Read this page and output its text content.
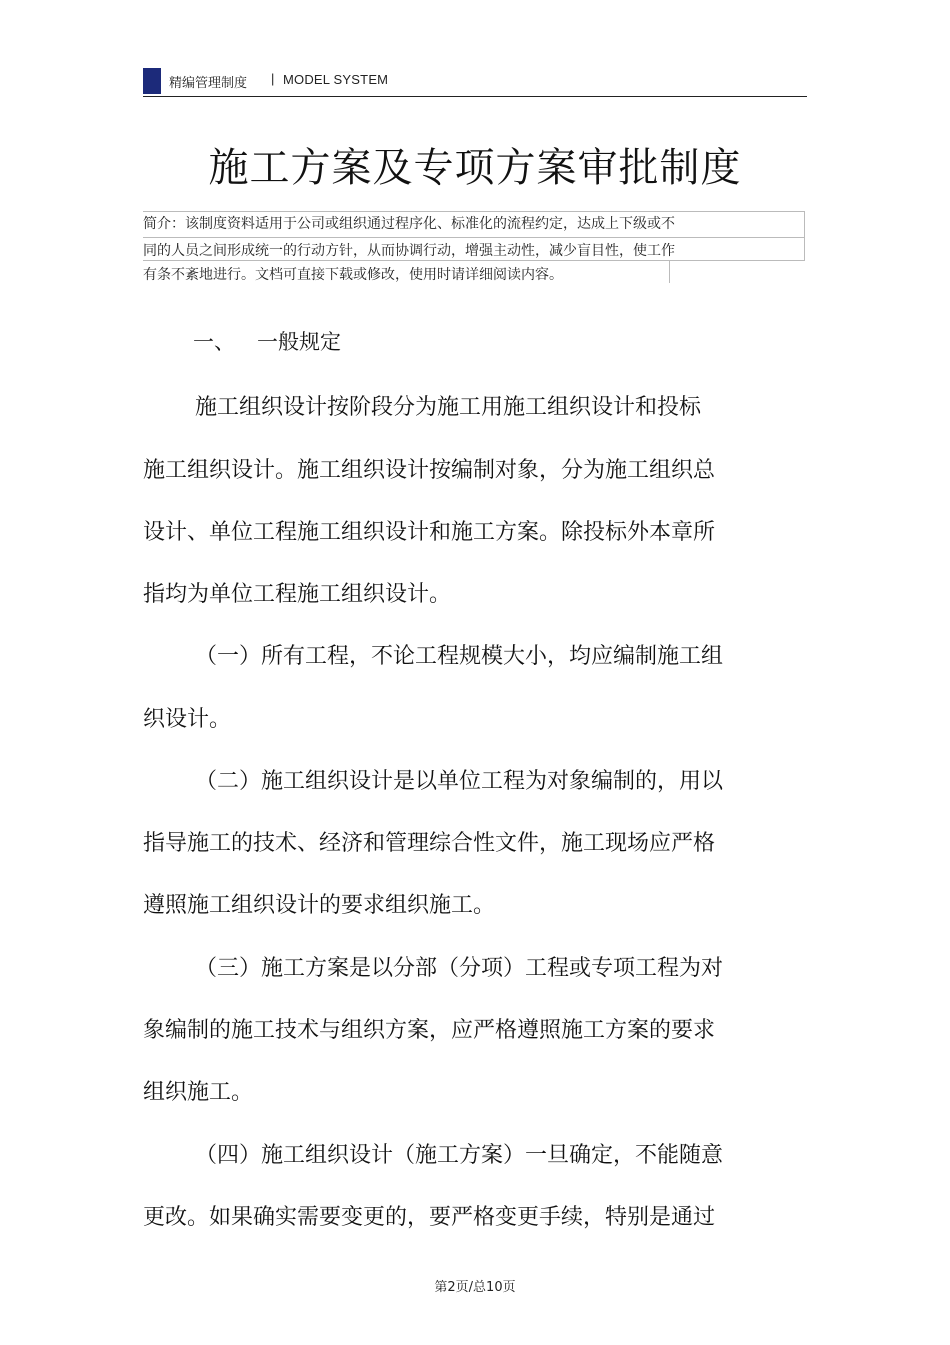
精编管理制度 | MODEL SYSTEM
施工方案及专项方案审批制度
简介：该制度资料适用于公司或组织通过程序化、标准化的流程约定，达成上下级或不
同的人员之间形成统一的行动方针，从而协调行动，增强主动性，减少盲目性，使工作
有条不紊地进行。文档可直接下载或修改，使用时请详细阅读内容。
一、 一般规定
施工组织设计按阶段分为施工用施工组织设计和投标
施工组织设计。施工组织设计按编制对象，分为施工组织总
设计、单位工程施工组织设计和施工方案。除投标外本章所
指均为单位工程施工组织设计。
（一）所有工程，不论工程规模大小，均应编制施工组
织设计。
（二）施工组织设计是以单位工程为对象编制的，用以
指导施工的技术、经济和管理综合性文件，施工现场应严格
遵照施工组织设计的要求组织施工。
（三）施工方案是以分部（分项）工程或专项工程为对
象编制的施工技术与组织方案，应严格遵照施工方案的要求
组织施工。
（四）施工组织设计（施工方案）一旦确定，不能随意
更改。如果确实需要变更的，要严格变更手续，特别是通过
第2页/总10页
